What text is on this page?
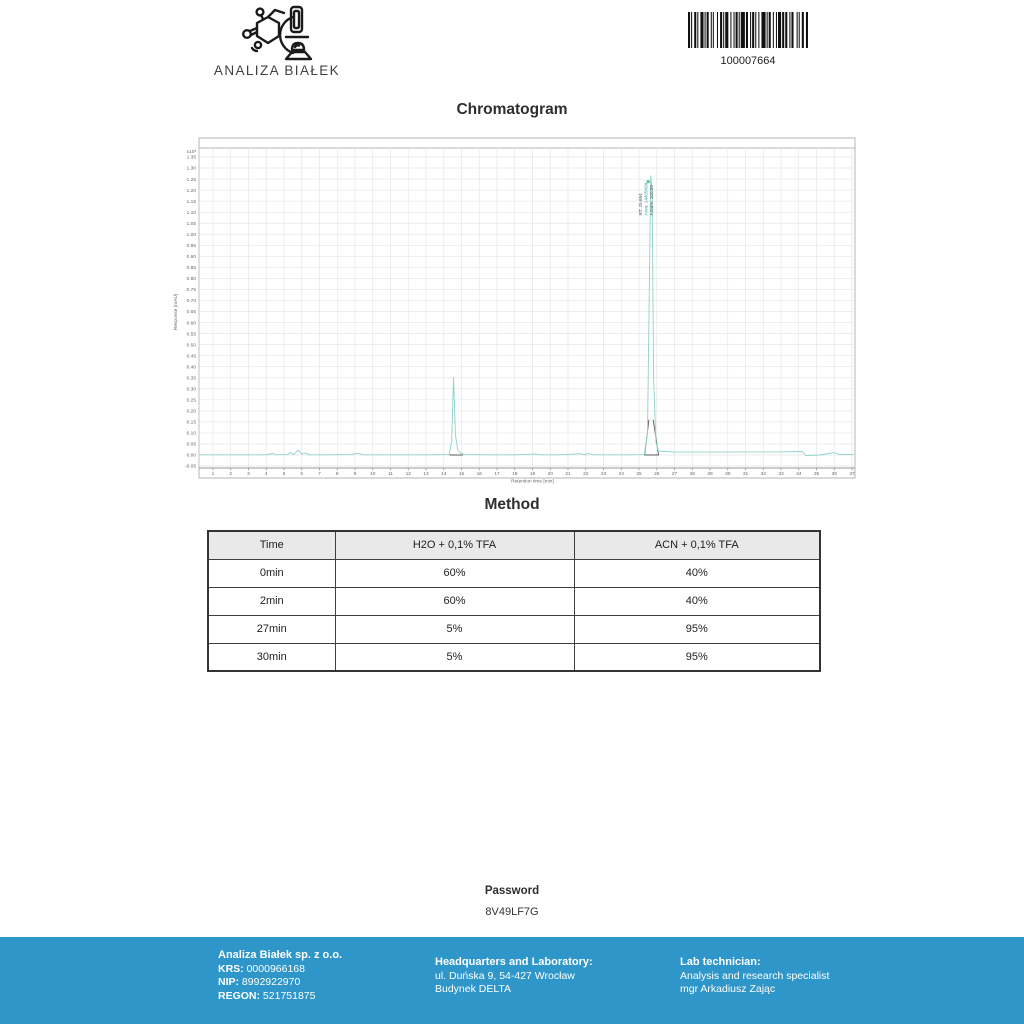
ANALIZA BIAŁEK
100007664
Chromatogram
x10³
1.35
1.30
1.25
1.20
1.15
1.10
1.05
1.00
0.95
0.90
0.85
0.80
0.75
0.70
0.65
0.60
0.55
0.50
0.45
0.40
0.35
0.30
0.25
0.20
0.15
0.10
0.05
0.00
-0.05
1	2	3	4	5	6	7	8	9	10	11	12	13	14	15	16	17	18	19	20	21	22	23	24	25	26	27	28	29	30	31	32	33	34	35	36	37
Retention time [min]
Response [mAU]
RT: 25.684 Area: 14405499 Area%: 100.00
Method
Time	H2O + 0,1% TFA	ACN + 0,1% TFA
0min	60%	40%
2min	60%	40%
27min	5%	95%
30min	5%	95%
Password
8V49LF7G
Analiza Białek sp. z o.o.
KRS: 0000966168
NIP: 8992922970
REGON: 521751875
Headquarters and Laboratory:
ul. Duńska 9, 54-427 Wrocław
Budynek DELTA
Lab technician:
Analysis and research specialist
mgr Arkadiusz Zając
